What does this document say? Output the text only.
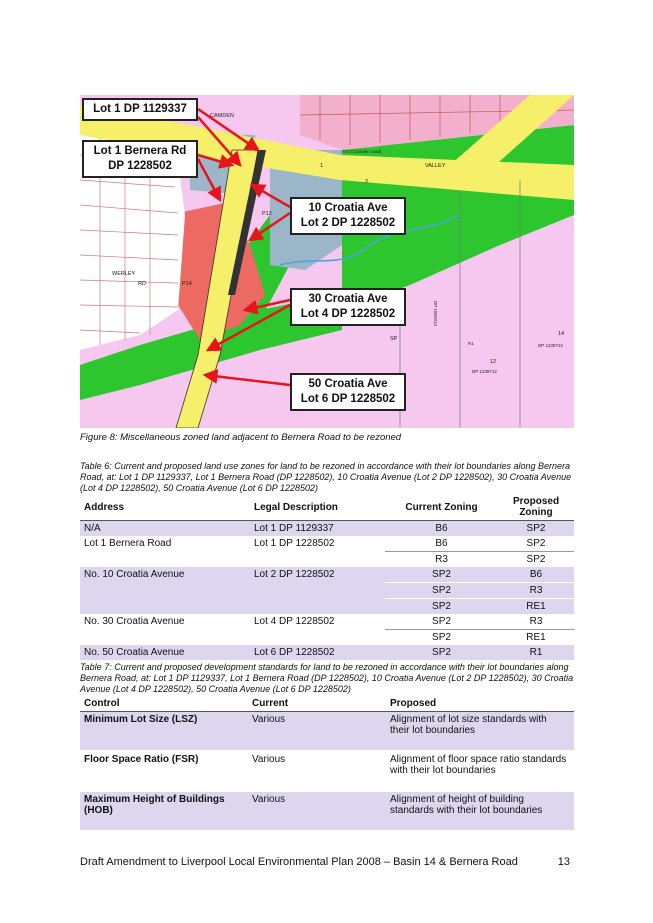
CAMDEN
VALLEY
A72 (Camden road)
14
DP 1239712
R1
12
DP 1239712
DP 1062913
SP
P12
P14
RD
WERLEY
1
2
Lot 1 DP 1129337
Lot 1 Bernera Rd
DP 1228502
10 Croatia Ave
Lot 2 DP 1228502
30 Croatia Ave
Lot 4 DP 1228502
50 Croatia Ave
Lot 6 DP 1228502
Figure 8: Miscellaneous zoned land adjacent to Bernera Road to be rezoned
Table 6: Current and proposed land use zones for land to be rezoned in accordance with their lot boundaries along Bernera Road, at: Lot 1 DP 1129337, Lot 1 Bernera Road (DP 1228502), 10 Croatia Avenue (Lot 2 DP 1228502), 30 Croatia Avenue (Lot 4 DP 1228502), 50 Croatia Avenue (Lot 6 DP 1228502)
Address	Legal Description	Current Zoning	Proposed Zoning
N/A	Lot 1 DP 1129337	B6	SP2
Lot 1 Bernera Road	Lot 1 DP 1228502	B6	SP2
		R3	SP2
No. 10 Croatia Avenue	Lot 2 DP 1228502	SP2	B6
		SP2	R3
		SP2	RE1
No. 30 Croatia Avenue	Lot 4 DP 1228502	SP2	R3
		SP2	RE1
No. 50 Croatia Avenue	Lot 6 DP 1228502	SP2	R1
Table 7: Current and proposed development standards for land to be rezoned in accordance with their lot boundaries along Bernera Road, at: Lot 1 DP 1129337, Lot 1 Bernera Road (DP 1228502), 10 Croatia Avenue (Lot 2 DP 1228502), 30 Croatia Avenue (Lot 4 DP 1228502), 50 Croatia Avenue (Lot 6 DP 1228502)
Control	Current	Proposed
Minimum Lot Size (LSZ)	Various	Alignment of lot size standards with their lot boundaries
Floor Space Ratio (FSR)	Various	Alignment of floor space ratio standards with their lot boundaries
Maximum Height of Buildings (HOB)	Various	Alignment of height of building standards with their lot boundaries
Draft Amendment to Liverpool Local Environmental Plan 2008 – Basin 14 & Bernera Road	13
